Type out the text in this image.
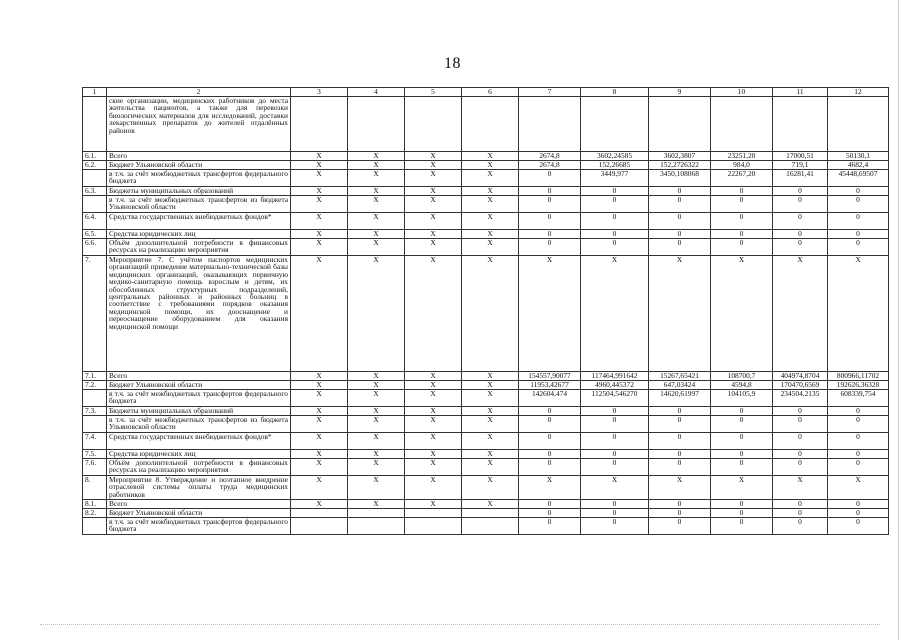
18
1	2	3	4	5	6	7	8	9	10	11	12
	ские организации, медицинских работников до места жительства пациентов, а также для перевозки биологических материалов для исследований, доставки лекарственных препаратов до жителей отдалённых районов										
6.1.	Всего	X	X	X	X	2674,8	3602,24585	3602,3807	23251,20	17000,51	50130,1
6.2.	Бюджет Ульяновской области	X	X	X	X	2674,8	152,26685	152,2726322	984,0	719,1	4682,4
	в т.ч. за счёт межбюджетных трансфертов федерального бюджета	X	X	X	X	0	3449,977	3450,108068	22267,20	16281,41	45448,69507
6.3.	Бюджеты муниципальных образований	X	X	X	X	0	0	0	0	0	0
	в т.ч. за счёт межбюджетных трансфертов из бюджета Ульяновской области	X	X	X	X	0	0	0	0	0	0
6.4.	Средства государственных внебюджетных фондов*	X	X	X	X	0	0	0	0	0	0
6.5.	Средства юридических лиц	X	X	X	X	0	0	0	0	0	0
6.6.	Объём дополнительной потребности в финансовых ресурсах на реализацию мероприятия	X	X	X	X	0	0	0	0	0	0
7.	Мероприятие 7. С учётом паспортов медицинских организаций приведение материально-технической базы медицинских организаций, оказывающих первичную медико-санитарную помощь взрослым и детям, их обособленных структурных подразделений, центральных районных и районных больниц в соответствие с требованиями порядков оказания медицинской помощи, их дооснащение и переоснащение оборудованием для оказания медицинской помощи	X	X	X	X	X	X	X	X	X	X
7.1.	Всего	X	X	X	X	154557,90077	117464,991642	15267,65421	108700,7	404974,8704	800966,11702
7.2.	Бюджет Ульяновской области	X	X	X	X	11953,42677	4960,445372	647,03424	4594,8	170470,6569	192626,36328
	в т.ч. за счёт межбюджетных трансфертов федерального бюджета	X	X	X	X	142604,474	112504,546270	14620,61997	104105,9	234504,2135	608339,754
7.3.	Бюджеты муниципальных образований	X	X	X	X	0	0	0	0	0	0
	в т.ч. за счёт межбюджетных трансфертов из бюджета Ульяновской области	X	X	X	X	0	0	0	0	0	0
7.4.	Средства государственных внебюджетных фондов*	X	X	X	X	0	0	0	0	0	0
7.5.	Средства юридических лиц	X	X	X	X	0	0	0	0	0	0
7.6.	Объём дополнительной потребности в финансовых ресурсах на реализацию мероприятия	X	X	X	X	0	0	0	0	0	0
8.	Мероприятие 8. Утверждение и поэтапное внедрение отраслевой системы оплаты труда медицинских работников	X	X	X	X	X	X	X	X	X	X
8.1.	Всего	X	X	X	X	0	0	0	0	0	0
8.2.	Бюджет Ульяновской области					0	0	0	0	0	0
	в т.ч. за счёт межбюджетных трансфертов федерального бюджета					0	0	0	0	0	0
